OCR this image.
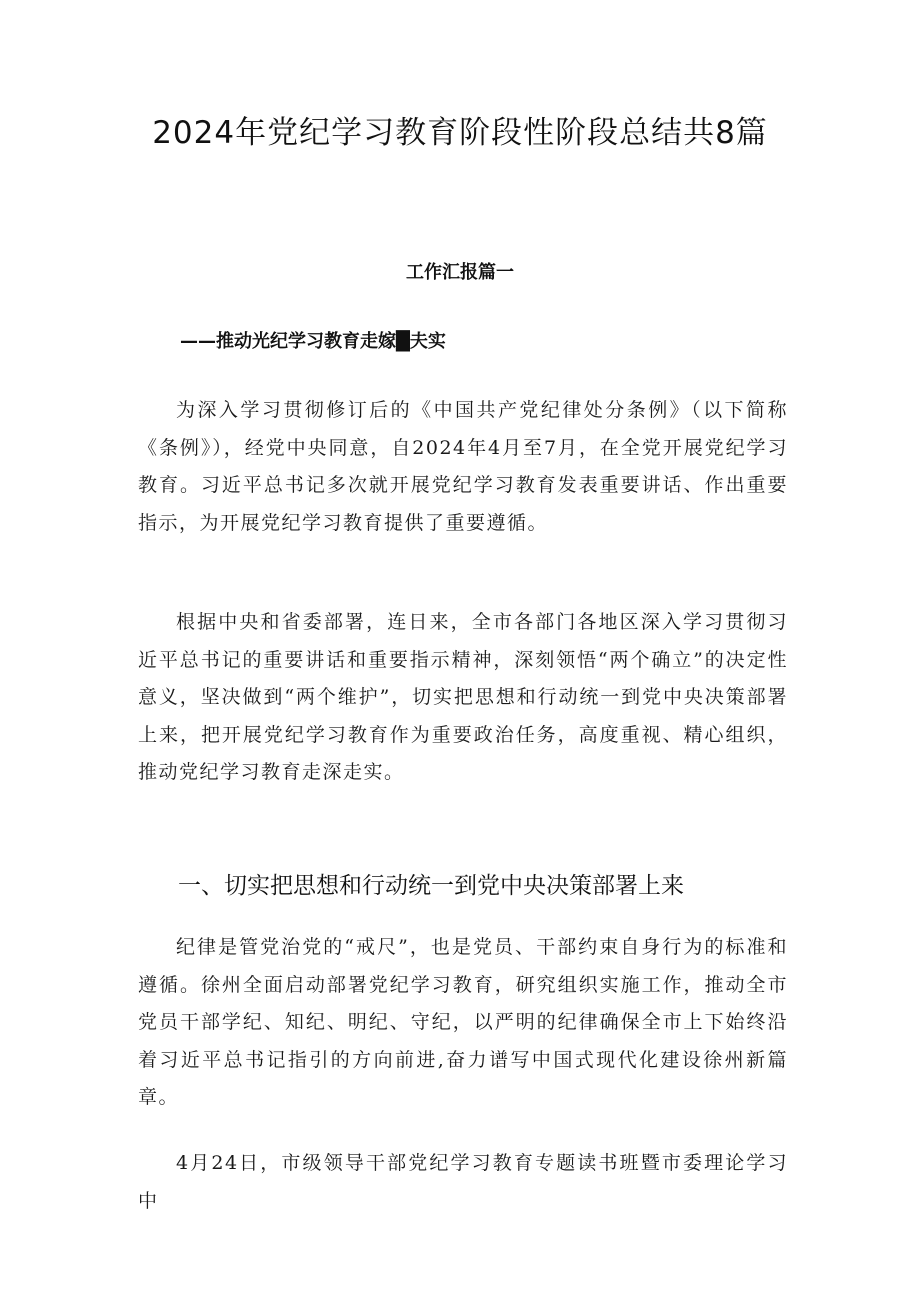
2024年党纪学习教育阶段性阶段总结共8篇
工作汇报篇一
——推动光纪学习教育走嫁█夫实

为深入学习贯彻修订后的《中国共产党纪律处分条例》（以下简称《条例》），经党中央同意，自2024年4月至7月，在全党开展党纪学习教育。习近平总书记多次就开展党纪学习教育发表重要讲话、作出重要指示，为开展党纪学习教育提供了重要遵循。

根据中央和省委部署，连日来，全市各部门各地区深入学习贯彻习近平总书记的重要讲话和重要指示精神，深刻领悟“两个确立”的决定性意义，坚决做到“两个维护”，切实把思想和行动统一到党中央决策部署上来，把开展党纪学习教育作为重要政治任务，高度重视、精心组织，推动党纪学习教育走深走实。

一、切实把思想和行动统一到党中央决策部署上来

纪律是管党治党的“戒尺”，也是党员、干部约束自身行为的标准和遵循。徐州全面启动部署党纪学习教育，研究组织实施工作，推动全市党员干部学纪、知纪、明纪、守纪，以严明的纪律确保全市上下始终沿着习近平总书记指引的方向前进,奋力谱写中国式现代化建设徐州新篇章。

4月24日，市级领导干部党纪学习教育专题读书班暨市委理论学习中
